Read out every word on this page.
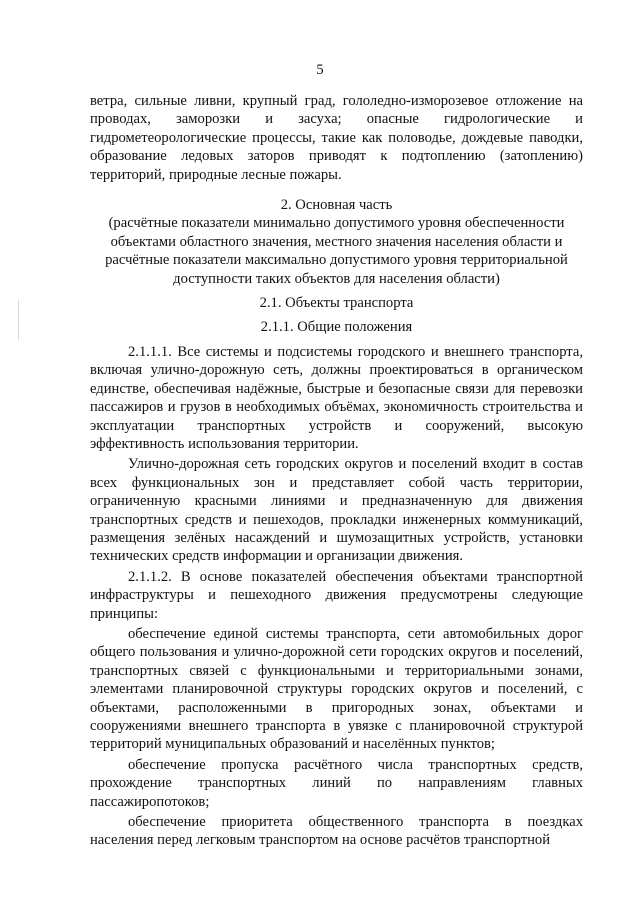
5

ветра, сильные ливни, крупный град, гололедно-изморозевое отложение на проводах, заморозки и засуха; опасные гидрологические и гидрометеорологические процессы, такие как половодье, дождевые паводки, образование ледовых заторов приводят к подтоплению (затоплению) территорий, природные лесные пожары.

2. Основная часть

(расчётные показатели минимально допустимого уровня обеспеченности объектами областного значения, местного значения населения области и расчётные показатели максимально допустимого уровня территориальной доступности таких объектов для населения области)

2.1. Объекты транспорта

2.1.1. Общие положения

2.1.1.1. Все системы и подсистемы городского и внешнего транспорта, включая улично-дорожную сеть, должны проектироваться в органическом единстве, обеспечивая надёжные, быстрые и безопасные связи для перевозки пассажиров и грузов в необходимых объёмах, экономичность строительства и эксплуатации транспортных устройств и сооружений, высокую эффективность использования территории.

Улично-дорожная сеть городских округов и поселений входит в состав всех функциональных зон и представляет собой часть территории, ограниченную красными линиями и предназначенную для движения транспортных средств и пешеходов, прокладки инженерных коммуникаций, размещения зелёных насаждений и шумозащитных устройств, установки технических средств информации и организации движения.

2.1.1.2. В основе показателей обеспечения объектами транспортной инфраструктуры и пешеходного движения предусмотрены следующие принципы:

обеспечение единой системы транспорта, сети автомобильных дорог общего пользования и улично-дорожной сети городских округов и поселений, транспортных связей с функциональными и территориальными зонами, элементами планировочной структуры городских округов и поселений, с объектами, расположенными в пригородных зонах, объектами и сооружениями внешнего транспорта в увязке с планировочной структурой территорий муниципальных образований и населённых пунктов;

обеспечение пропуска расчётного числа транспортных средств, прохождение транспортных линий по направлениям главных пассажиропотоков;

обеспечение приоритета общественного транспорта в поездках населения перед легковым транспортом на основе расчётов транспортной
